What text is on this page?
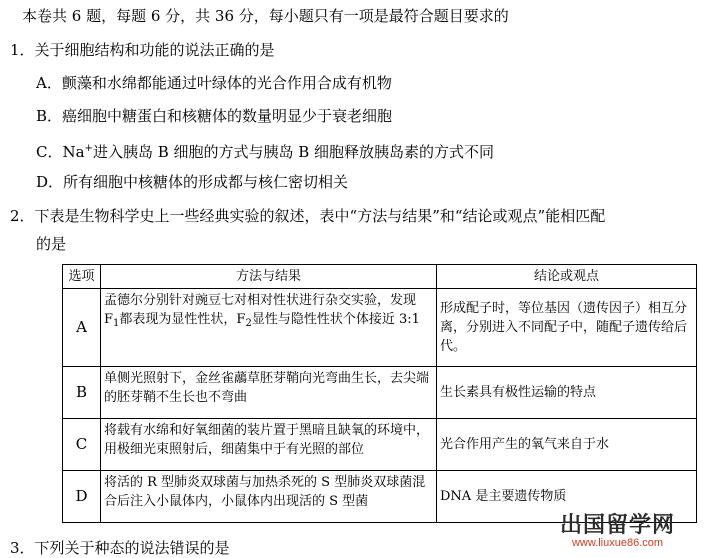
本卷共 6 题，每题 6 分，共 36 分，每小题只有一项是最符合题目要求的
1．关于细胞结构和功能的说法正确的是
A．颤藻和水绵都能通过叶绿体的光合作用合成有机物
B．癌细胞中糖蛋白和核糖体的数量明显少于衰老细胞
C．Na+进入胰岛 B 细胞的方式与胰岛 B 细胞释放胰岛素的方式不同
D．所有细胞中核糖体的形成都与核仁密切相关
2．下表是生物科学史上一些经典实验的叙述，表中“方法与结果”和“结论或观点”能相匹配
的是
选项	方法与结果	结论或观点
A	孟德尔分别针对豌豆七对相对性状进行杂交实验，发现 $F_1$都表现为显性性状，$F_2$显性与隐性性状个体接近 3:1	形成配子时，等位基因（遗传因子）相互分离，分别进入不同配子中，随配子遗传给后代。
B	单侧光照射下，金丝雀虉草胚芽鞘向光弯曲生长，去尖端的胚芽鞘不生长也不弯曲	生长素具有极性运输的特点
C	将载有水绵和好氧细菌的装片置于黑暗且缺氧的环境中，用极细光束照射后，细菌集中于有光照的部位	光合作用产生的氧气来自于水
D	将活的 R 型肺炎双球菌与加热杀死的 S 型肺炎双球菌混合后注入小鼠体内，小鼠体内出现活的 S 型菌	DNA 是主要遗传物质
3．下列关于种态的说法错误的是
出国留学网
www.liuxue86.com
